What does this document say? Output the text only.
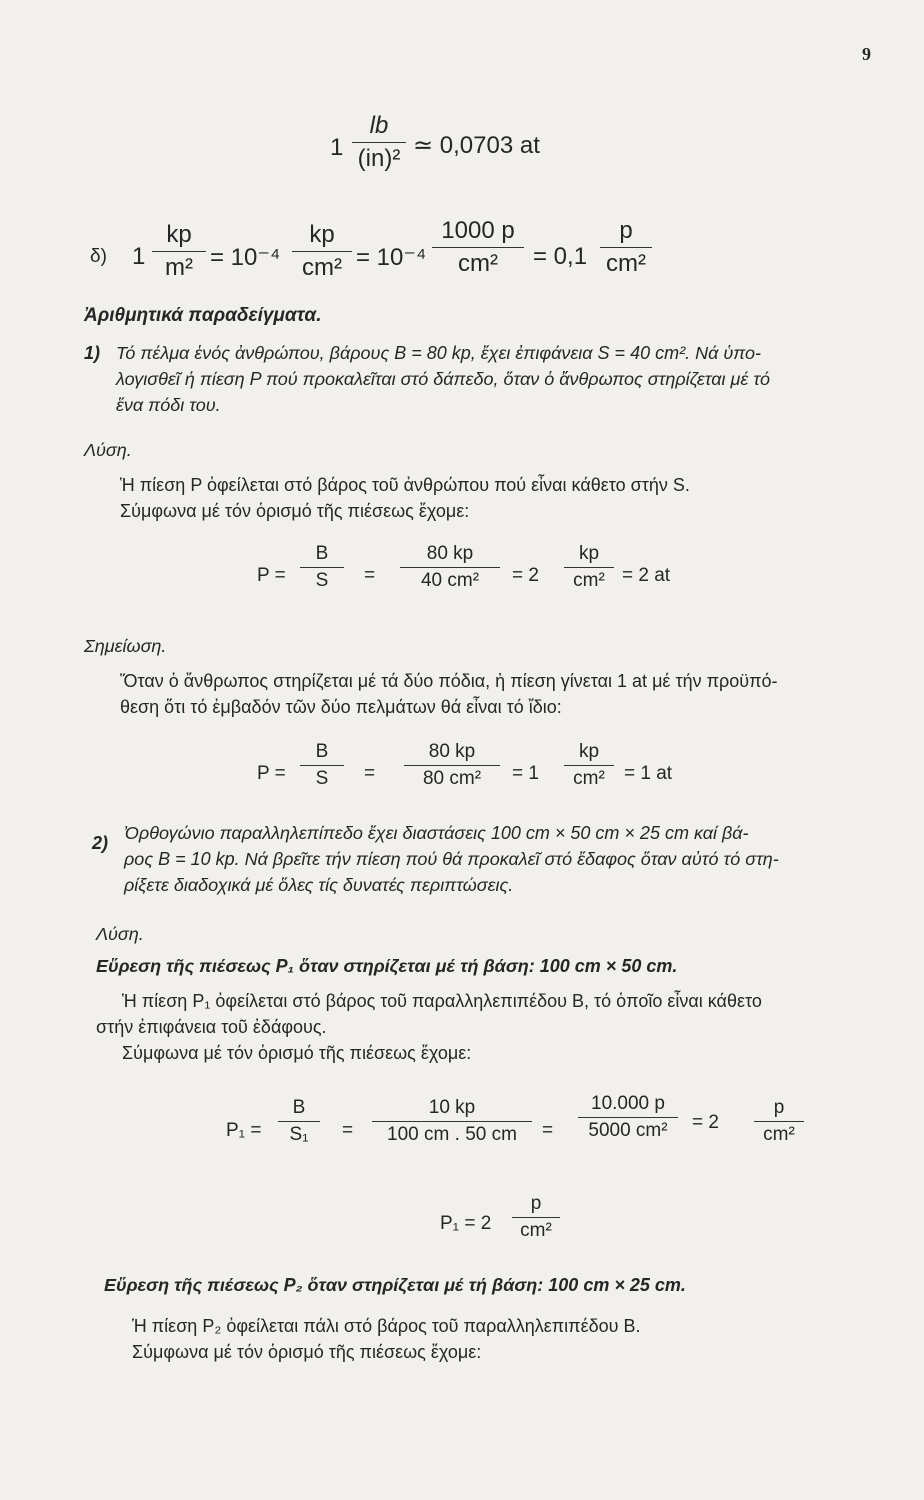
9
$1 \frac{lb}{\text{(in)²}}$ ≃ 0,0703 at
δ) $1 \frac{kp}{\text{m²}} = 10^{-4} \frac{kp}{\text{cm²}} = 10^{-4} \frac{1000 p}{\text{cm²}} = 0,1 \frac{p}{\text{cm²}}$
Ἀριθμητικά παραδείγματα.
1) Τό πέλμα ἑνός ἀνθρώπου, βάρους B = 80 kp, ἔχει ἐπιφάνεια S = 40 cm². Νά ὑπο-
λογισθεῖ ἡ πίεση P πού προκαλεῖται στό δάπεδο, ὅταν ὁ ἄνθρωπος στηρίζεται μέ τό
ἕνα πόδι του.
Λύση.
Ἡ πίεση P ὀφείλεται στό βάρος τοῦ ἀνθρώπου πού εἶναι κάθετο στήν S.
Σύμφωνα μέ τόν ὁρισμό τῆς πιέσεως ἔχομε:
$P = \frac{B}{S} = \frac{80 kp}{\text{40 cm²}} = 2 \frac{kp}{\text{cm²}} = 2$ at
Σημείωση.
Ὅταν ὁ ἄνθρωπος στηρίζεται μέ τά δύο πόδια, ἡ πίεση γίνεται 1 at μέ τήν προϋπό-
θεση ὅτι τό ἐμβαδόν τῶν δύο πελμάτων θά εἶναι τό ἴδιο:
$P = \frac{B}{S} = \frac{80 kp}{\text{80 cm²}} = 1 \frac{kp}{\text{cm²}} = 1$ at
2) Ὀρθογώνιο παραλληλεπίπεδο ἔχει διαστάσεις 100 cm × 50 cm × 25 cm καί βά-
ρος B = 10 kp. Νά βρεῖτε τήν πίεση πού θά προκαλεῖ στό ἔδαφος ὅταν αὐτό τό στη-
ρίξετε διαδοχικά μέ ὅλες τίς δυνατές περιπτώσεις.
Λύση.
Εὕρεση τῆς πιέσεως P₁ ὅταν στηρίζεται μέ τή βάση: 100 cm × 50 cm.
Ἡ πίεση P₁ ὀφείλεται στό βάρος τοῦ παραλληλεπιπέδου B, τό ὁποῖο εἶναι κάθετο
στήν ἐπιφάνεια τοῦ ἐδάφους.
Σύμφωνα μέ τόν ὁρισμό τῆς πιέσεως ἔχομε:
$P_1 = \frac{B}{\text{S₁}} = \frac{10 kp}{100 cm . 50 cm} = \frac{10.000 p}{\text{5000 cm²}} = 2 \frac{p}{\text{cm²}}$
$P_1 = 2 \frac{p}{\text{cm²}}$
Εὕρεση τῆς πιέσεως P₂ ὅταν στηρίζεται μέ τή βάση: 100 cm × 25 cm.
Ἡ πίεση P₂ ὀφείλεται πάλι στό βάρος τοῦ παραλληλεπιπέδου B.
Σύμφωνα μέ τόν ὁρισμό τῆς πιέσεως ἔχομε:
